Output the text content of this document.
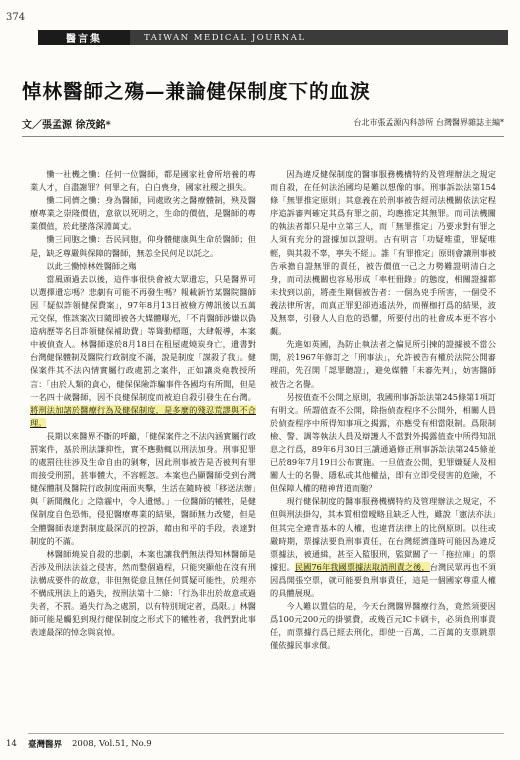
374
醫言集	TAIWAN MEDICAL JOURNAL
悼林醫師之殤—兼論健保制度下的血淚
文／張孟源 徐茂銘*	台北市張孟源內科診所 台灣醫界雜誌主編*

慟一社機之慟：任何一位醫師，都是國家社會所培養的專業人才，自盡謝罪？何罪之有，白白喪身，國家社稷之損失。

慟二同儕之慟：身為醫師，同處敗劣之醫療體制，殃及醫療專業之崇隆價值，意欲以死明之，生命的價值，是醫師的專業價值，於此墜落深淵萬丈。

慟三同胞之慟：吾民同胞，仰身體健康與生命於醫師；但是，缺乏尊嚴與保障的醫師，無恙全民何足以託之。

以此三慟悼林姓醫師之殤

當風頭過去以後，這件事很快會被大眾遺忘，只是醫界可以選擇遺忘嗎？悲劇有可能不再發生嗎？報載新竹某醫院醫師因「疑似詐領健保費案」，97年8月13日被檢方傳訊後以五萬元交保，惟該案次日隨即被各大媒體曝光，「不肖醫師涉嫌以偽造病歷等名目詐領健保補助費」等聳動標題，大肆報導，本案中被偵查人。林醫師遂於8月18日在租屋處燒炭身亡，遺書對台灣健保體制及醫院行政制度不滿，說是制度「謀殺了我」。健保案件其不法內情實屬行政處罰之案件，正如讓炎堯教授所言：「由於人類的貪心，健保保險詐騙事件各國均有所聞，但是一名四十歲醫師，因不良健保制度而被迫自殺引發生在台灣。將刑法加諸於醫療行為及健保制度，是多麼的殘忍荒謬與不合理。

長期以來醫界不斷的呼籲，「健保案件之不法內涵實屬行政罰案件，基於刑法謙抑性，實不應動輒以刑法加身。刑事犯罪的處罰往往涉及生命自由的剝奪，因此刑事被告是否被判有罪而接受刑罰，甚事體大，不容輕忽。本案也凸顯醫師受到台灣健保體制及醫院行政制度兩面夾擊，生活在隨時被「移送法辦」與「新聞醜化」之陰霾中，令人遺憾。」一位醫師的犧牲，是健保制度自色恐怖，侵犯醫療專業的結果，醫師無力改變，但是全體醫師表達對制度最深沉的控訴，藉由和平的手段，表達對制度的不滿。

林醫師燒炭自殺的悲劇，本案也讓我們無法得知林醫師是否涉及刑法法益之侵害，然而整個過程，只能突顯他在沒有刑法構成要件的故意，非但無從意且無任何質疑可能性，於理亦不構成刑法上的過失，按刑法第十二條：「行為非出於故意或過失者，不罰。過失行為之處罰，以有特別規定者，爲限。」林醫師可能是觸犯到現行健保制度之形式下的犧牲者，我們對此事表達最深的悼念與哀悼。

因為違反健保制度的醫事服務機構特約及管理辦法之規定而自殺，在任何法治國均是難以想像的事。刑事訴訟法第154條「無罪推定原則」其意義在於刑事被告經司法機關依法定程序追訴審判確定其爲有罪之前，均應推定其無罪。而司法機關的執法者都只是中立第三人，而「無罪推定」乃要求對有罪之人須有充分的證據加以證明。古有明言「功疑唯重，罪疑唯輕，與其殺不辜，寧失不經」。誰「有罪推定」原則會讓刑事被告承擔自證無罪的責任，被告價值一己之力勢難證明清白之身，而司法機關也容易形成「率枉冊錄」的態度，相關證據都未找到以前，將產生剛個被告者：一個為兇手所害，一個受不義法律所害，而真正罪犯卻逍遙法外，而罹枷打爲的結果，波及無辜，引發人人自危的恐懼，所要付出的社會成本更不容小覷。

先進如英國，為防止執法者之偏見所引揀的證據被不當公開，於1967年修訂之「刑事法」，允許被告有權於法院公開審理前，先召開「認罪聽證」，避免媒體「未審先判」，妨害醫師被告之名譽。

另按值查不公開之原則，我國刑事訴訟法第245條第1項訂有明文。所謂值查不公開，除指偵查程序不公開外，相關人員於偵查程序中所得知事項之揭露，亦應受有相當限制。爲限制檢、警、調等執法人員及辯護人不當對外揭露值查中所得知訊息之行爲，89年6月30日三讀通過修正刑事訴訟法第245條並已於89年7月19日公布實施。一旦值查公開，犯罪嫌疑人及相關人士的名譽、隱私或其他權益，即有立即受侵害的危險，不但保障人權的精神背道而馳？

現行健保制度的醫事服務機構特約及管理辦法之規定，不但與刑法掛勾，其本質相當曖略且缺乏人性，雖說「憲法亦法」但其完全違背基本的人權，也違背法律上的比例原則。以往或嚴時期，票據法要負刑事責任，在台灣經濟蓬時可能因為違反票據法，被通緝，甚至入監服刑，監獄關了一「拖拉庫」的票據犯。民國76年我國票據法取消刑責之後，台灣民眾再也不須因爲開張空票，就可能要負刑事責任，這是一個國家尊重人權的具體展現。

今人難以置信的是，今天台灣醫界醫療行為，竟然須要因爲100元200元的掛號費，或幾百元IC卡刷卡，必須負刑事責任，而票據行爲已經去刑化，即使一百萬、二百萬的支票跳票僅依據民事求償。

14	臺灣醫界 2008, Vol.51, No.9
